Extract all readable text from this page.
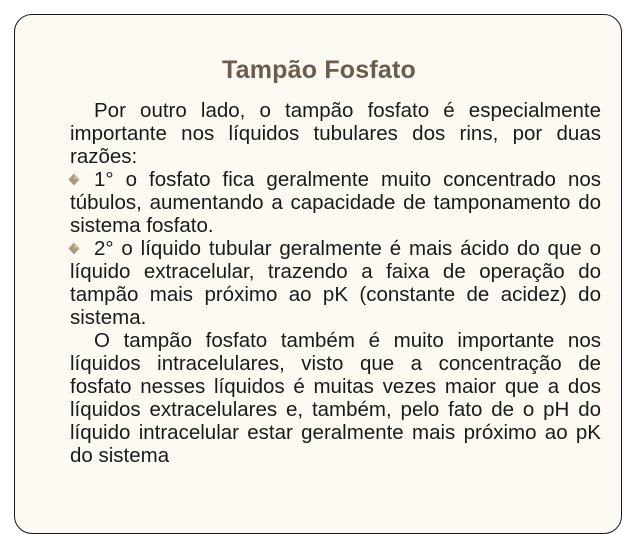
Tampão Fosfato

Por outro lado, o tampão fosfato é especialmente importante nos líquidos tubulares dos rins, por duas razões:

1° o fosfato fica geralmente muito concentrado nos túbulos, aumentando a capacidade de tamponamento do sistema fosfato.
2° o líquido tubular geralmente é mais ácido do que o líquido extracelular, trazendo a faixa de operação do tampão mais próximo ao pK (constante de acidez) do sistema.

O tampão fosfato também é muito importante nos líquidos intracelulares, visto que a concentração de fosfato nesses líquidos é muitas vezes maior que a dos líquidos extracelulares e, também, pelo fato de o pH do líquido intracelular estar geralmente mais próximo ao pK do sistema
